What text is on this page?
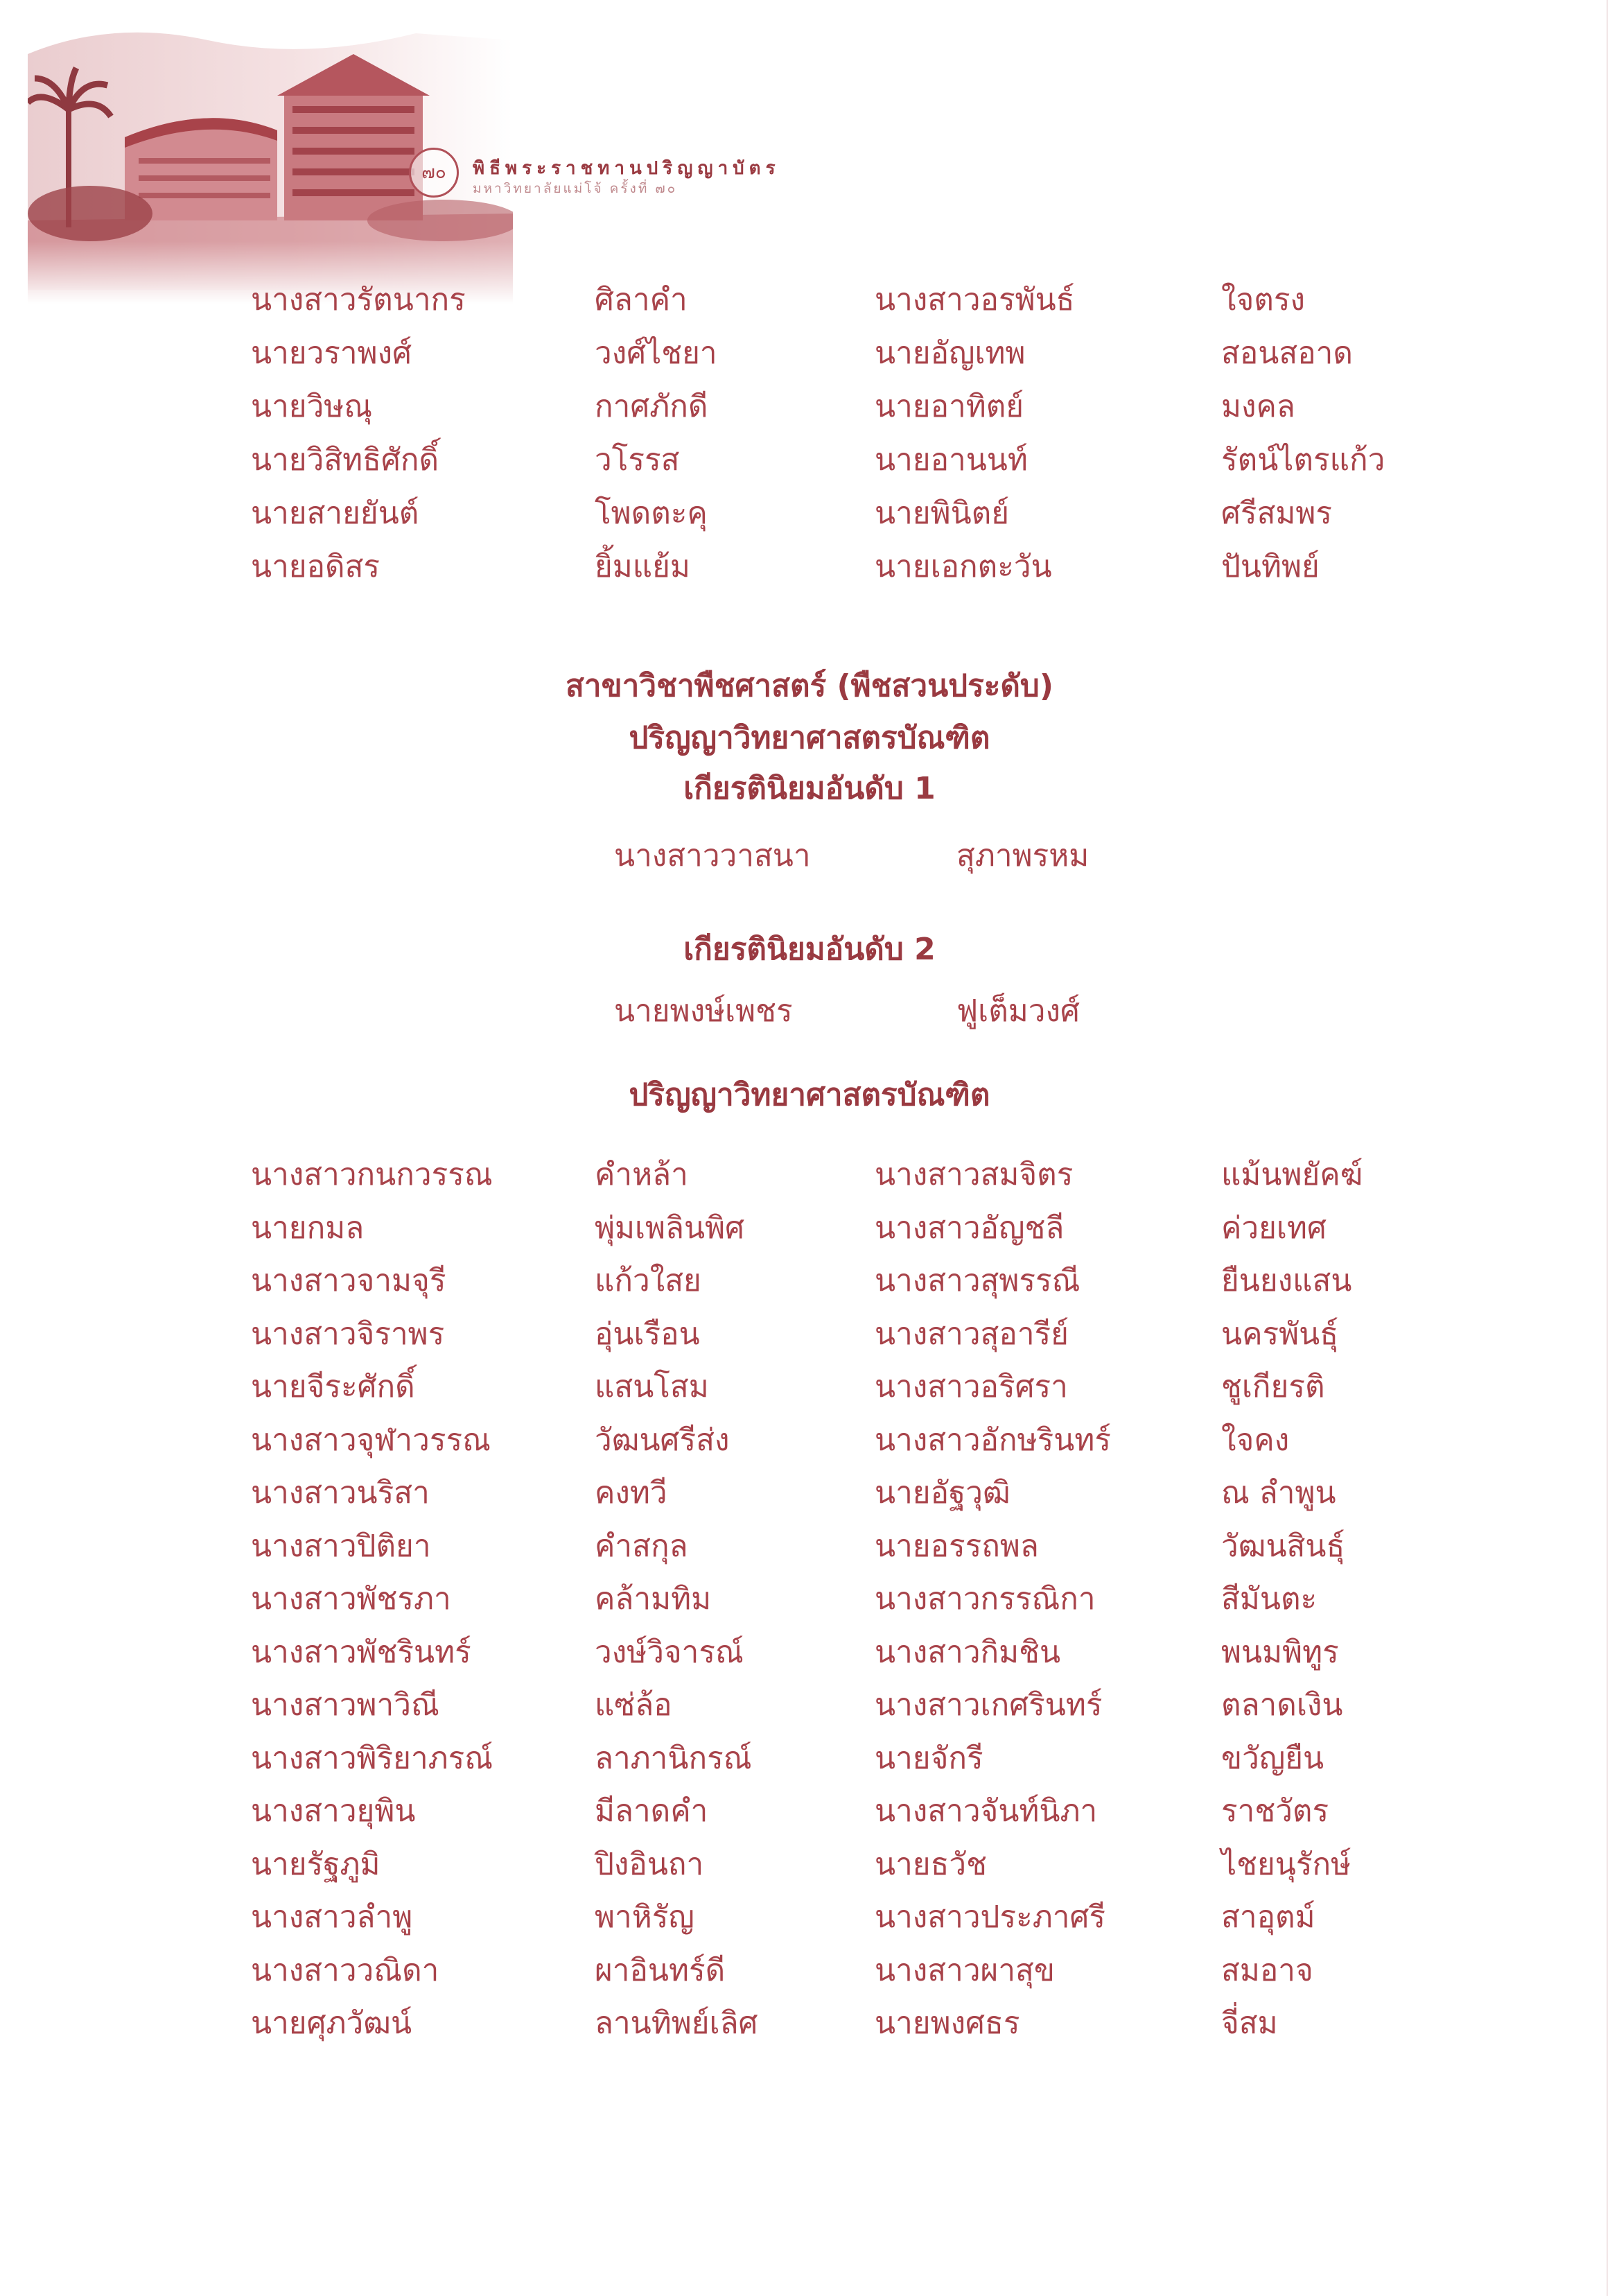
๗๐	พิธีพระราชทานปริญญาบัตร
มหาวิทยาลัยแม่โจ้ ครั้งที่ ๗๐
นางสาวรัตนากร	ศิลาคำ	นางสาวอรพันธ์	ใจตรง
นายวราพงศ์	วงศ์ไชยา	นายอัญเทพ	สอนสอาด
นายวิษณุ	กาศภักดี	นายอาทิตย์	มงคล
นายวิสิทธิศักดิ์	วโรรส	นายอานนท์	รัตน์ไตรแก้ว
นายสายยันต์	โพดตะคุ	นายพินิตย์	ศรีสมพร
นายอดิสร	ยิ้มแย้ม	นายเอกตะวัน	ปันทิพย์
สาขาวิชาพืชศาสตร์ (พืชสวนประดับ)
ปริญญาวิทยาศาสตรบัณฑิต
เกียรตินิยมอันดับ 1
นางสาววาสนา	สุภาพรหม
เกียรตินิยมอันดับ 2
นายพงษ์เพชร	ฟูเต็มวงศ์
ปริญญาวิทยาศาสตรบัณฑิต
นางสาวกนกวรรณ	คำหล้า	นางสาวสมจิตร	แม้นพยัคฆ์
นายกมล	พุ่มเพลินพิศ	นางสาวอัญชลี	ค่วยเทศ
นางสาวจามจุรี	แก้วใสย	นางสาวสุพรรณี	ยืนยงแสน
นางสาวจิราพร	อุ่นเรือน	นางสาวสุอารีย์	นครพันธุ์
นายจีระศักดิ์	แสนโสม	นางสาวอริศรา	ชูเกียรติ
นางสาวจุฬาวรรณ	วัฒนศรีส่ง	นางสาวอักษรินทร์	ใจคง
นางสาวนริสา	คงทวี	นายอัฐวุฒิ	ณ ลำพูน
นางสาวปิติยา	คำสกุล	นายอรรถพล	วัฒนสินธุ์
นางสาวพัชรภา	คล้ามทิม	นางสาวกรรณิกา	สีมันตะ
นางสาวพัชรินทร์	วงษ์วิจารณ์	นางสาวกิมชิน	พนมพิทูร
นางสาวพาวิณี	แซ่ล้อ	นางสาวเกศรินทร์	ตลาดเงิน
นางสาวพิริยาภรณ์	ลาภานิกรณ์	นายจักรี	ขวัญยืน
นางสาวยุพิน	มีลาดคำ	นางสาวจันท์นิภา	ราชวัตร
นายรัฐภูมิ	ปิงอินถา	นายธวัช	ไชยนุรักษ์
นางสาวลำพู	พาหิรัญ	นางสาวประภาศรี	สาอุตม์
นางสาววณิดา	ผาอินทร์ดี	นางสาวผาสุข	สมอาจ
นายศุภวัฒน์	ลานทิพย์เลิศ	นายพงศธร	จี่สม
